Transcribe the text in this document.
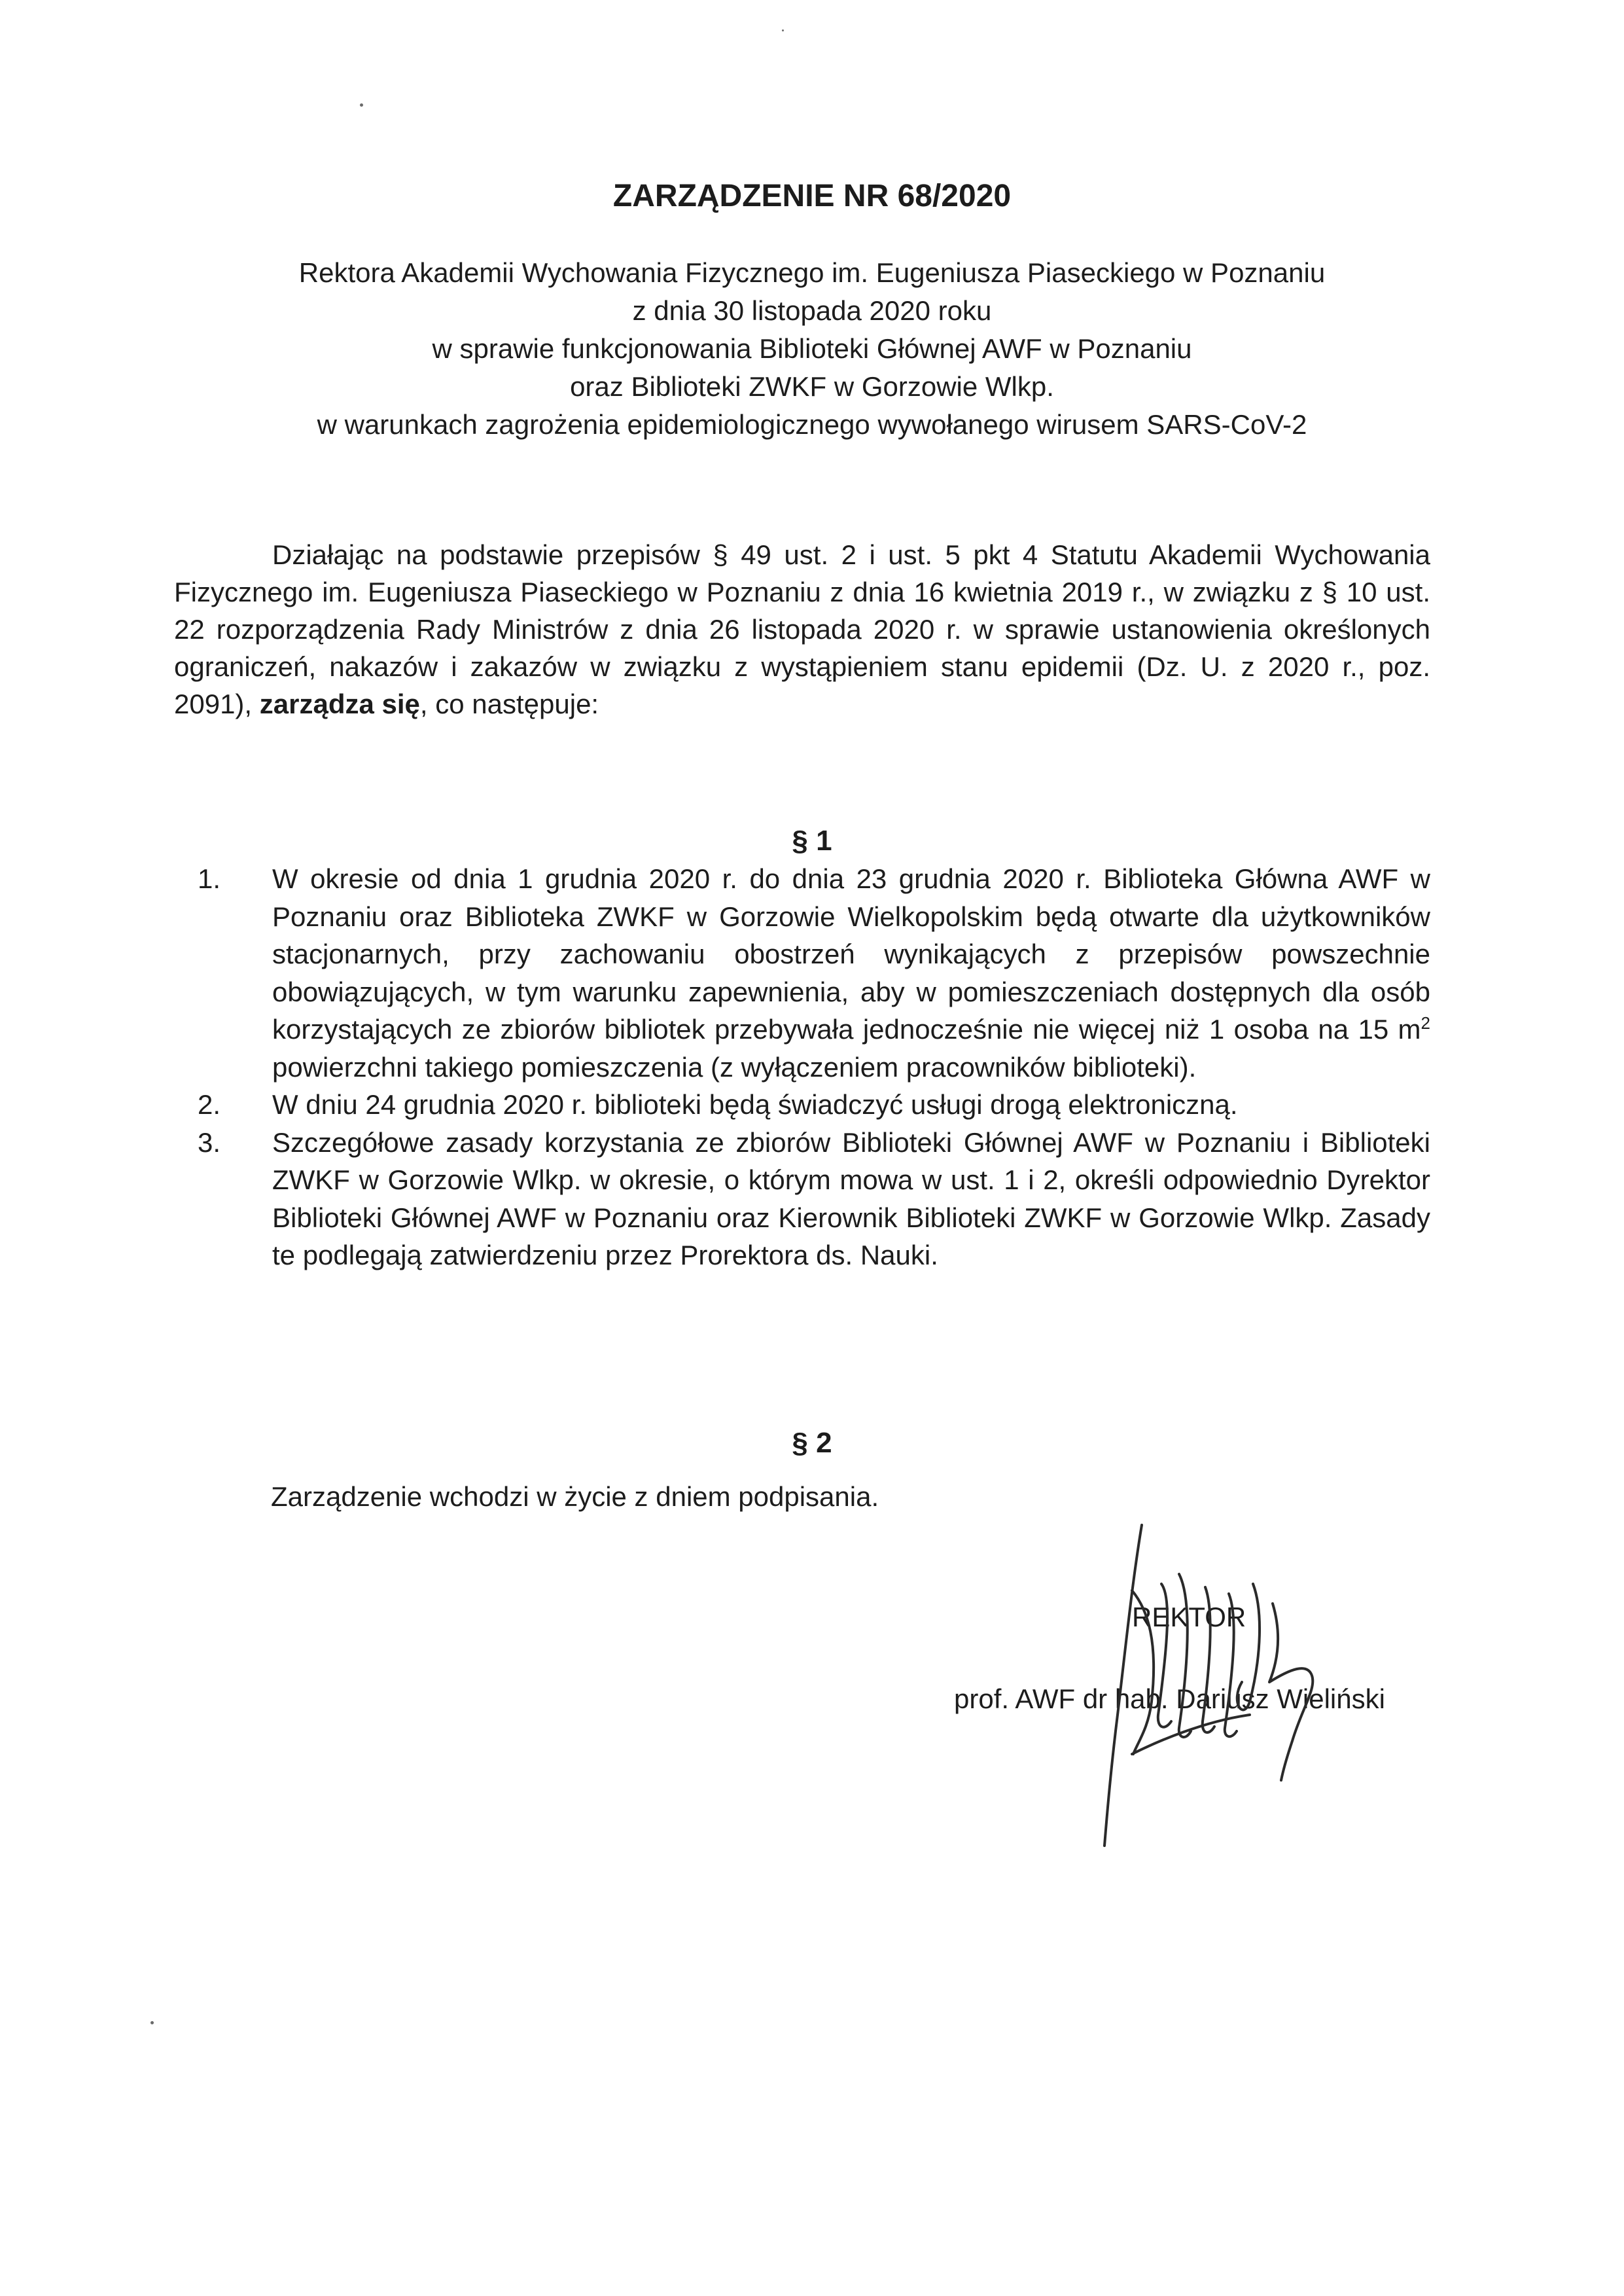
ZARZĄDZENIE NR 68/2020
Rektora Akademii Wychowania Fizycznego im. Eugeniusza Piaseckiego w Poznaniu
z dnia 30 listopada 2020 roku
w sprawie funkcjonowania Biblioteki Głównej AWF w Poznaniu
oraz Biblioteki ZWKF w Gorzowie Wlkp.
w warunkach zagrożenia epidemiologicznego wywołanego wirusem SARS-CoV-2
Działając na podstawie przepisów § 49 ust. 2 i ust. 5 pkt 4 Statutu Akademii Wychowania Fizycznego im. Eugeniusza Piaseckiego w Poznaniu z dnia 16 kwietnia 2019 r., w związku z § 10 ust. 22 rozporządzenia Rady Ministrów z dnia 26 listopada 2020 r. w sprawie ustanowienia określonych ograniczeń, nakazów i zakazów w związku z wystąpieniem stanu epidemii (Dz. U. z 2020 r., poz. 2091), zarządza się, co następuje:
§ 1
1. W okresie od dnia 1 grudnia 2020 r. do dnia 23 grudnia 2020 r. Biblioteka Główna AWF w Poznaniu oraz Biblioteka ZWKF w Gorzowie Wielkopolskim będą otwarte dla użytkowników stacjonarnych, przy zachowaniu obostrzeń wynikających z przepisów powszechnie obowiązujących, w tym warunku zapewnienia, aby w pomieszczeniach dostępnych dla osób korzystających ze zbiorów bibliotek przebywała jednocześnie nie więcej niż 1 osoba na 15 $m^2$ powierzchni takiego pomieszczenia (z wyłączeniem pracowników biblioteki).
2. W dniu 24 grudnia 2020 r. biblioteki będą świadczyć usługi drogą elektroniczną.
3. Szczegółowe zasady korzystania ze zbiorów Biblioteki Głównej AWF w Poznaniu i Biblioteki ZWKF w Gorzowie Wlkp. w okresie, o którym mowa w ust. 1 i 2, określi odpowiednio Dyrektor Biblioteki Głównej AWF w Poznaniu oraz Kierownik Biblioteki ZWKF w Gorzowie Wlkp. Zasady te podlegają zatwierdzeniu przez Prorektora ds. Nauki.
§ 2
Zarządzenie wchodzi w życie z dniem podpisania.
REKTOR
prof. AWF dr hab. Dariusz Wieliński
